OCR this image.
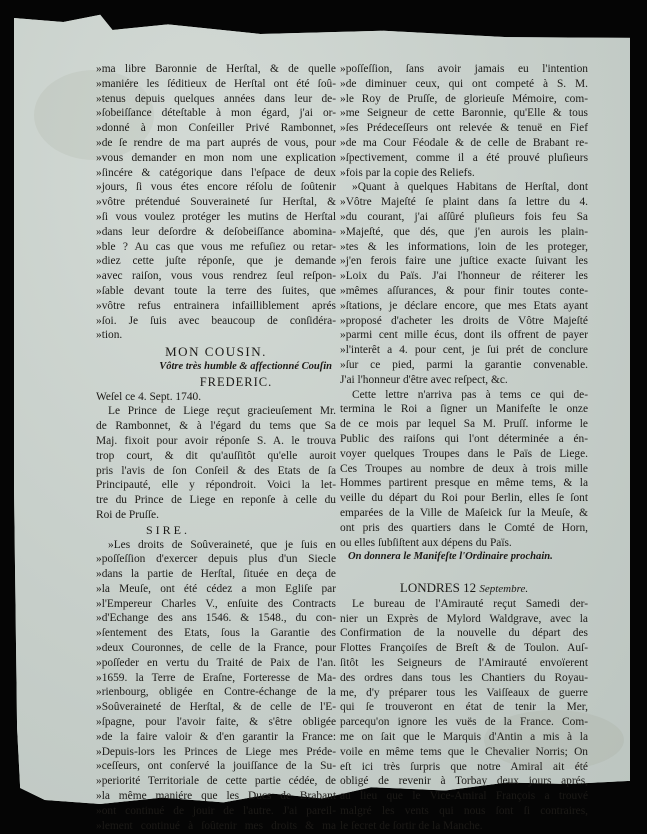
»ma libre Baronnie de Herſtal, & de quelle
»maniére les ſéditieux de Herſtal ont été ſoû-
»tenus depuis quelques années dans leur de-
»ſobeiſſance déteſtable à mon égard, j'ai or-
»donné à mon Conſeiller Privé Rambonnet,
»de ſe rendre de ma part auprés de vous, pour
»vous demander en mon nom une explication
»ſincére & catégorique dans l'eſpace de deux
»jours, ſi vous étes encore réſolu de ſoûtenir
»vôtre prétendué Souveraineté ſur Herſtal, &
»ſi vous voulez protéger les mutins de Herſtal
»dans leur deſordre & deſobeiſſance abomina-
»ble ? Au cas que vous me refuſiez ou retar-
»diez cette juſte réponſe, que je demande
»avec raiſon, vous vous rendrez ſeul reſpon-
»ſable devant toute la terre des ſuites, que
»vôtre refus entrainera infailliblement aprés
»ſoi. Je ſuis avec beaucoup de conſidéra-
»tion.
MON COUSIN.
Vôtre très humble & affectionné Couſin
FREDERIC.
Weſel ce 4. Sept. 1740.
Le Prince de Liege reçut gracieuſement Mr.
de Rambonnet, & à l'égard du tems que Sa
Maj. fixoit pour avoir réponſe S. A. le trouva
trop court, & dit qu'auſſitôt qu'elle auroit
pris l'avis de ſon Conſeil & des Etats de ſa
Principauté, elle y répondroit. Voici la let-
tre du Prince de Liege en reponſe à celle du
Roi de Pruſſe.
SIRE.
»Les droits de Soûveraineté, que je ſuis en
»poſſeſſion d'exercer depuis plus d'un Siecle
»dans la partie de Herſtal, ſituée en deça de
»la Meuſe, ont été cédez a mon Egliſe par
»l'Empereur Charles V., enſuite des Contracts
»d'Echange des ans 1546. & 1548., du con-
»ſentement des Etats, ſous la Garantie des
»deux Couronnes, de celle de la France, pour
»poſſeder en vertu du Traité de Paix de l'an.
»1659. la Terre de Eraſne, Forteresse de Ma-
»rienbourg, obligée en Contre-échange de la
»Soûveraineté de Herſtal, & de celle de l'E-
»ſpagne, pour l'avoir faite, & s'être obligée
»de la faire valoir & d'en garantir la France:
»Depuis-lors les Princes de Liege mes Préde-
»ceſſeurs, ont conſervé la jouiſſance de la Su-
»periorité Territoriale de cette partie cédée, de
»la même maniére que les Ducs de Brabant
»ont continué de jouir de l'autre. J'ai pareil-
»lement continué à ſoûtenir mes droits & ma
»poſſeſſion, ſans avoir jamais eu l'intention
»de diminuer ceux, qui ont competé à S. M.
»le Roy de Pruſſe, de glorieuſe Mémoire, com-
»me Seigneur de cette Baronnie, qu'Elle & tous
»ſes Prédeceſſeurs ont relevée & tenuë en Fief
»de ma Cour Féodale & de celle de Brabant re-
»ſpectivement, comme il a été prouvé pluſieurs
»fois par la copie des Reliefs.
»Quant à quelques Habitans de Herſtal, dont
»Vôtre Majeſté ſe plaint dans ſa lettre du 4.
»du courant, j'ai aſſûré pluſieurs fois feu Sa
»Majeſté, que dés, que j'en aurois les plain-
»tes & les informations, loin de les proteger,
»j'en ferois faire une juſtice exacte ſuivant les
»Loix du Païs. J'ai l'honneur de réiterer les
»mêmes aſſurances, & pour finir toutes conte-
»ſtations, je déclare encore, que mes Etats ayant
»proposé d'acheter les droits de Vôtre Majeſté
»parmi cent mille écus, dont ils offrent de payer
»l'interêt a 4. pour cent, je ſui prét de conclure
»ſur ce pied, parmi la garantie convenable.
J'ai l'honneur d'être avec reſpect, &c.
Cette lettre n'arriva pas à tems ce qui de-
termina le Roi a ſigner un Manifeſte le onze
de ce mois par lequel Sa M. Pruſſ. informe le
Public des raiſons qui l'ont déterminée a én-
voyer quelques Troupes dans le Païs de Liege.
Ces Troupes au nombre de deux à trois mille
Hommes partirent presque en même tems, & la
veille du départ du Roi pour Berlin, elles ſe ſont
emparées de la Ville de Maſeick ſur la Meuſe, &
ont pris des quartiers dans le Comté de Horn,
ou elles ſubſiſtent aux dépens du Païs.
On donnera le Manifeſte l'Ordinaire prochain.
LONDRES 12 Septembre.
Le bureau de l'Amirauté reçut Samedi der-
nier un Exprès de Mylord Waldgrave, avec la
Confirmation de la nouvelle du départ des
Flottes Françoiſes de Breſt & de Toulon. Auſ-
ſitôt les Seigneurs de l'Amirauté envoïerent
des ordres dans tous les Chantiers du Royau-
me, d'y préparer tous les Vaiſſeaux de guerre
qui ſe trouveront en état de tenir la Mer,
parcequ'on ignore les vuës de la France. Com-
me on ſait que le Marquis d'Antin a mis à la
voile en même tems que le Chevalier Norris; On
eſt ici très ſurpris que notre Amiral ait été
obligé de revenir à Torbay deux jours aprés,
au lieu que le Vice-Amiral François a trouvé
malgré les vents qui nous ſont ſi contraires,
le ſecret de ſortir de la Manche.
